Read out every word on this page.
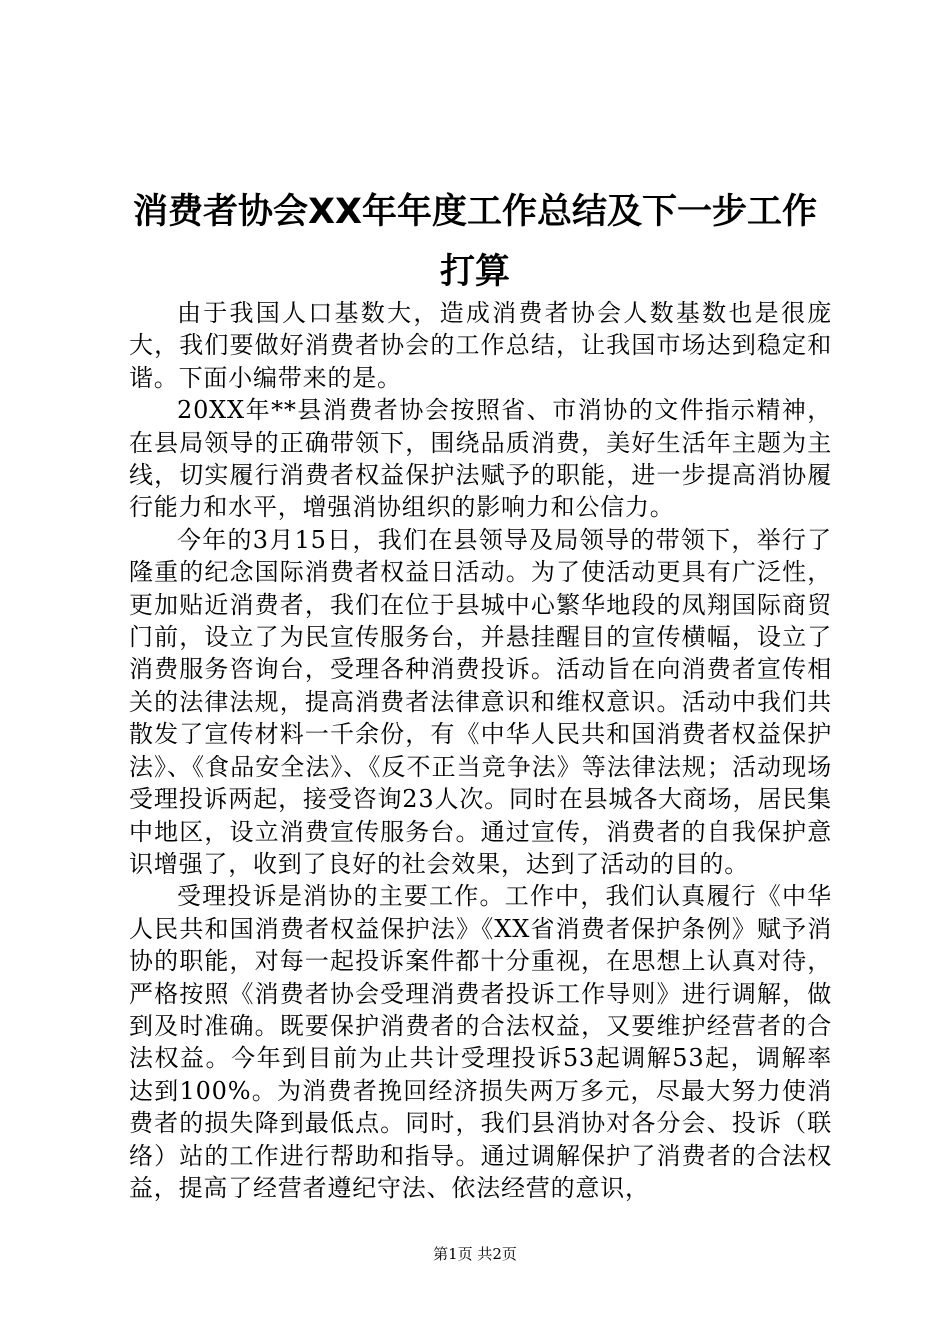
消费者协会XX年年度工作总结及下一步工作
打算

由于我国人口基数大，造成消费者协会人数基数也是很庞大，我们要做好消费者协会的工作总结，让我国市场达到稳定和谐。下面小编带来的是。

20XX年**县消费者协会按照省、市消协的文件指示精神，在县局领导的正确带领下，围绕品质消费，美好生活年主题为主线，切实履行消费者权益保护法赋予的职能，进一步提高消协履行能力和水平，增强消协组织的影响力和公信力。

今年的3月15日，我们在县领导及局领导的带领下，举行了隆重的纪念国际消费者权益日活动。为了使活动更具有广泛性，更加贴近消费者，我们在位于县城中心繁华地段的凤翔国际商贸门前，设立了为民宣传服务台，并悬挂醒目的宣传横幅，设立了消费服务咨询台，受理各种消费投诉。活动旨在向消费者宣传相关的法律法规，提高消费者法律意识和维权意识。活动中我们共散发了宣传材料一千余份，有《中华人民共和国消费者权益保护法》、《食品安全法》、《反不正当竞争法》等法律法规；活动现场受理投诉两起，接受咨询23人次。同时在县城各大商场，居民集中地区，设立消费宣传服务台。通过宣传，消费者的自我保护意识增强了，收到了良好的社会效果，达到了活动的目的。

受理投诉是消协的主要工作。工作中，我们认真履行《中华人民共和国消费者权益保护法》《XX省消费者保护条例》赋予消协的职能，对每一起投诉案件都十分重视，在思想上认真对待，严格按照《消费者协会受理消费者投诉工作导则》进行调解，做到及时准确。既要保护消费者的合法权益，又要维护经营者的合法权益。今年到目前为止共计受理投诉53起调解53起，调解率达到100%。为消费者挽回经济损失两万多元，尽最大努力使消费者的损失降到最低点。同时，我们县消协对各分会、投诉（联络）站的工作进行帮助和指导。通过调解保护了消费者的合法权益，提高了经营者遵纪守法、依法经营的意识，

第1页 共2页
